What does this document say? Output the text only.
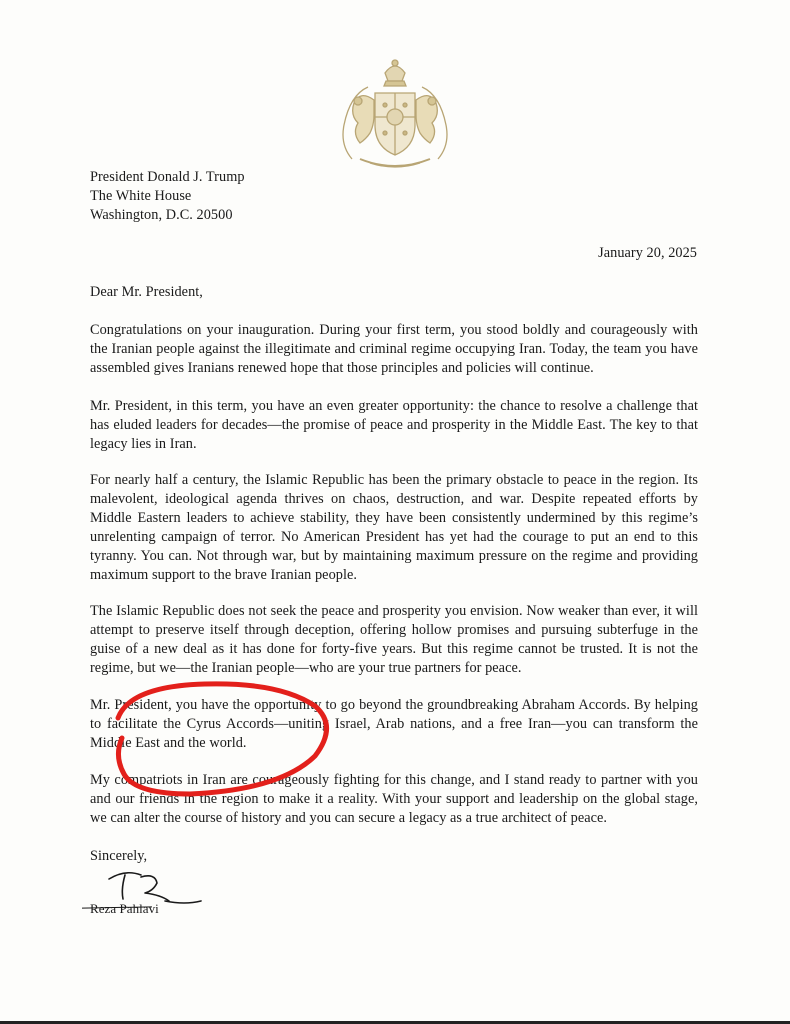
President Donald J. Trump
The White House
Washington, D.C. 20500
January 20, 2025
Dear Mr. President,
Congratulations on your inauguration. During your first term, you stood boldly and courageously with the Iranian people against the illegitimate and criminal regime occupying Iran. Today, the team you have assembled gives Iranians renewed hope that those principles and policies will continue.
Mr. President, in this term, you have an even greater opportunity: the chance to resolve a challenge that has eluded leaders for decades—the promise of peace and prosperity in the Middle East. The key to that legacy lies in Iran.
For nearly half a century, the Islamic Republic has been the primary obstacle to peace in the region. Its malevolent, ideological agenda thrives on chaos, destruction, and war. Despite repeated efforts by Middle Eastern leaders to achieve stability, they have been consistently undermined by this regime’s unrelenting campaign of terror. No American President has yet had the courage to put an end to this tyranny. You can. Not through war, but by maintaining maximum pressure on the regime and providing maximum support to the brave Iranian people.
The Islamic Republic does not seek the peace and prosperity you envision. Now weaker than ever, it will attempt to preserve itself through deception, offering hollow promises and pursuing subterfuge in the guise of a new deal as it has done for forty-five years. But this regime cannot be trusted. It is not the regime, but we—the Iranian people—who are your true partners for peace.
Mr. President, you have the opportunity to go beyond the groundbreaking Abraham Accords. By helping to facilitate the Cyrus Accords—uniting Israel, Arab nations, and a free Iran—you can transform the Middle East and the world.
My compatriots in Iran are courageously fighting for this change, and I stand ready to partner with you and our friends in the region to make it a reality. With your support and leadership on the global stage, we can alter the course of history and you can secure a legacy as a true architect of peace.
Sincerely,
Reza Pahlavi
